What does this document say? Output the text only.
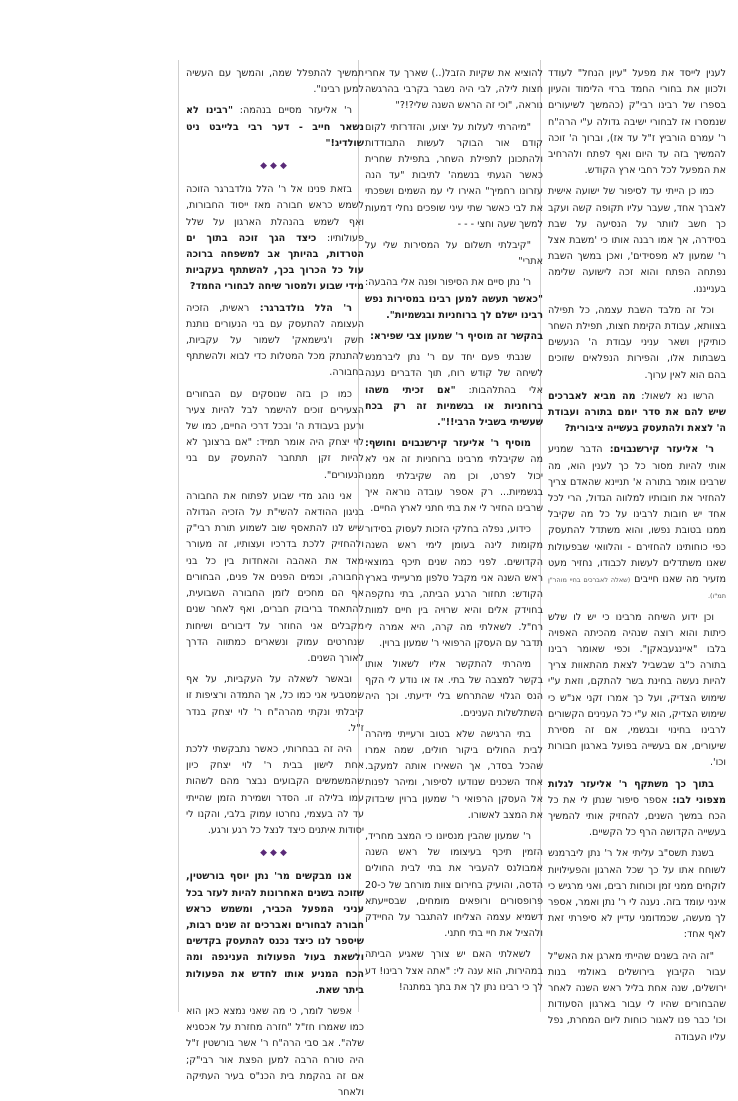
לענין לייסד את מפעל "עיון הנחל" לעודד ולכוון את בחורי החמד ברזי הלימוד והעיון בספרו של רבינו רבי"ק (כהמשך לשיעורים שנמסרו אז לבחורי ישיבה גדולה ע"י הרה"ח ר' עמרם הורביץ ז"ל עד אז), וברוך ה' זוכה להמשיך בזה עד היום ואף לפתח ולהרחיב את המפעל לכל רחבי ארץ הקודש.

כמו כן הייתי עד לסיפור של ישועה אישית לאברך אחד, שעבר עליו תקופה קשה ועקב כך חשב לוותר על הנסיעה על שבת בסידרה, אך אמו רבנה אותו כי 'משבת אצל ר' שמעון לא מפסידים', ואכן במשך השבת נפתחה הפתח והוא זכה לישועה שלימה בענייננו.

וכל זה מלבד השבת עצמה, כל תפילה בצוותא, עבודת הקימת חצות, תפילת השחר כותיקין ושאר עניני עבודת ה' הנעשים בשבתות אלו, והפירות הנפלאים שזוכים בהם הוא לאין ערוך.

הרשו נא לשאול: מה מביא לאברכים שיש להם את סדר יומם בתורה ועבודת ה' לצאת ולהתעסק בעשייה ציבורית?

ר' אליעזר קירשנבוים: הדבר שמניע אותי להיות מסור כל כך לענין הוא, מה שרבינו אומר בתורה א' תניינא שהאדם צריך להחזיר את חובותיו למלווה הגדול, הרי לכל אחד יש חובות לרבינו על כל מה שקיבל ממנו בטובת נפשו, והוא משתדל להתעסק כפי כוחותינו להחזירם - והלוואי שבפעולות שאנו משתדלים לעשות לכבודו, נחזיר מעט מזעיר מה שאנו חייבים (שאלה לאברכים בחיי מוהר"ן תמ"ו).

וכן ידוע השיחה מרבינו כי יש לו שלש כיתות והוא רוצה שנהיה מהכיתה האפויה בלבו "איינגעבאקן". וכפי שאומר רבינו בתורה כ"ב שבשביל לצאת מהתאוות צריך להיות נעשה בחינת בשר להתקם, וזאת ע"י שימוש הצדיק, ועל כך אמרו זקני אנ"ש כי שימוש הצדיק, הוא ע"י כל הענינים הקשורים לרבינו בחינוי ובגשמי, אם זה מסירת שיעורים, אם בעשייה בפועל בארגון חבורות וכו'.

בתוך כך משתקף ר' אליעזר לגלות מצפוני לבו: אספר סיפור שנתן לי את כל הכח במשך השנים, להחזיק אותי להמשיך בעשייה הקדושה הרף כל הקשיים.

בשנת תשס"ב עליתי אל ר' נתן ליברמנש לשוחח אתו על כך שכל הארגון והפעילויות לוקחים ממני זמן וכוחות רבים, ואני מרגיש כי אינני עומד בזה. נענה לי ר' נתן ואמר, אספר לך מעשה, שכמדומני עדיין לא סיפרתי זאת לאף אחד:

"זה היה בשנים שהייתי מארגן את האש"ל עבור הקיבוץ בירושלים באולמי בנות ירושלים, שנה אחת בליל ראש השנה לאחר שהבחורים שהיו לי עבור בארגון הסעודות וכו' כבר פנו לאגור כוחות ליום המחרת, נפל עליו העבודה

להוציא את שקיות הזבל(..) שארך עד אחרי חצות לילה, לבי היה נשבר בקרבי בהרגשה נוראה, "וכי זה הראש השנה שלי?!?"

"מיהרתי לעלות על יצוע, והזדרזתי לקום קודם אור הבוקר לעשות התבודדות ולהתכונן לתפילת השחר, בתפילת שחרית כאשר הגעתי בנשמה' לתיבות "עד הנה עזרונו רחמיך" האירו לי עמ השמים ושפכתי את לבי כאשר שתי עיני שופכים נחלי דמעות למשך שעה וחצי - - -

"קיבלתי תשלום על המסירות שלי על אתרי"

ר' נתן סיים את הסיפור ופנה אלי בהבעה: "כאשר תעשה למען רבינו במסירות נפש רבינו ישלם לך ברוחניות ובגשמיות".

בהקשר זה מוסיף ר' שמעון צבי שפירא:

שנבתי פעם יחד עם ר' נתן ליברמנש לשיחה של קודש רוח, תוך הדברים נענה אלי בהתלהבות: "אם זכיתי משהו ברוחניות או בגשמיות זה רק בכח שעשיתי בשביל הרבי!!".

מוסיף ר' אליעזר קירשנבוים וחושף: מה שקיבלתי מרבינו ברוחניות זה אני לא יכול לפרט, וכן מה שקיבלתי ממנו בגשמיות... רק אספר עובדה נוראה איך שרבינו החזיר לי את בתי חתני לארץ החיים.

כידוע, נפלה בחלקי הזכות לעסוק בסידור מקומות לינה בעומן לימי ראש השנה הקדושים. לפני כמה שנים תיכף במוצאי ראש השנה אני מקבל טלפון מרעייתי בארץ הקודש: תחזור הרגע הביתה, בתי נחקפה בחוידק אלים והיא שרויה בין חיים למוות רח"ל. לשאלתי מה קרה, היא אמרה לי תדבר עם העסקן הרפואי ר' שמעון ברוין.

מיהרתי להתקשר אליו לשאול אותו בקשר למצבה של בתי. אז או נודע לי הקף הנס הגלוי שהתרחש בלי ידיעתי. וכך היה השתלשלות הענינים.

בתי הרגישה שלא בטוב ורעייתי מיהרה לבית החולים ביקור חולים, שמה אמרו שהכל בסדר, אך השאירו אותה למעקב. אחד השכנים שנודעו לסיפור, ומיהר לפנות אל העסקן הרפואי ר' שמעון ברוין שיבדוק את המצב לאשורו.

ר' שמעון שהבין מנסיונו כי המצב מחריד, הזמין תיכף בעיצומו של ראש השנה אמבולנס להעביר את בתי לבית החולים הדסה, והועיק בחירום צוות מורחב של כ-20 פרופסורים ורופאים מומחים, שבסייעתא דשמיא עצמה הצליחו להתגבר על החיידק ולהציל את חיי בתי חתני.

לשאלתי האם יש צורך שאגיע הביתה במהירות, הוא ענה לי: "אתה אצל רבינו! דע לך כי רבינו נתן לך את בתך במתנה!

תמשיך להתפלל שמה, והמשך עם העשיה למען רבינו".

ר' אליעזר מסיים בנהמה: "רבינו לא נשאר חייב - דער רבי בלייבט ניט שולדיג!"

◆◆◆

בזאת פנינו אל ר' הלל גולדברגר הזוכה לשמש כראש חבורה מאז ייסוד החבורות, ואף לשמש בהנהלת הארגון על שלל פעולותיו: כיצד הגך זוכה בתוך ים הטרדות, בהיותך אב למשפחה ברוכה עול כל הכרוך בכך, להשתתף בעקביות מידי שבוע ולמסור שיחה לבחורי החמד?

ר' הלל גולדברגר: ראשית, הזכיה העצומה להתעסק עם בני הנעורים נותנת חשק ו'גישמאק' לשמור על עקביות, להתנתק מכל המטלות כדי לבוא ולהשתתף בחבורה.

כמו כן בזה שנוסקים עם הבחורים הצעירים זוכים להישמר לבל להיות צעיר ורענן בעבודת ה' ובכל דרכי החיים, כמו של לוי יצחק היה אומר תמיד: "אם ברצונך לא להיות זקן תתחבר להתעסק עם בני הנעורים".

אני נוהג מדי שבוע לפתוח את החבורה בניגון ההודאה להשי"ת על הזכיה הגדולה שיש לנו להתאסף שוב לשמוע תורת רבי"ק ולהחזיק ללכת בדרכיו ועצותיו, זה מעורר מאד את האהבה והאחדות בין כל בני החבורה, וכמים הפנים אל פנים, הבחורים אף הם מחכים לזמן החבורה השבועית, להתאחד בריבוק חברים, ואף לאחר שנים מקבלים אני החוזר על דיבורים ושיחות שנחרטים עמוק ונשארים כמתווה הדרך לאורך השנים.

ובאשר לשאלה על העקביות, על אף שמטבעי אני כמו כל, אך התמדה ורציפות זו קיבלתי ונקתי מהרה"ח ר' לוי יצחק בנדר ז"ל.

היה זה בבחרותי, כאשר נתבקשתי ללכת אחת לישון בבית ר' לוי יצחק כיון שהמשמשים הקבועים נבצר מהם לשהות עמו בלילה זו. הסדר ושמירת הזמן שהייתי עד לה בעצמי, נחרטו עמוק בלבי, והקנו לי יסודות איתנים כיצד לנצל כל רגע ורגע.

◆◆◆

אנו מבקשים מר' נתן יוסף בורשטין, שזוכה בשנים האחרונות להיות לעזר בכל עניני המפעל הכביר, ומשמש כראש חבורה לבחורים ואברכים זה שנים רבות, שיספר לנו כיצד נכנס להתעסק בקדשים ולשאת בעול הפעולות הענינפה ומה הכח המניע אותו לחדש את הפעולות ביתר שאת.

אפשר לומר, כי מה שאני נמצא כאן הוא כמו שאמרו חז"ל "חזרה מחזרת על אכסניא שלה". אב סבי הרה"ח ר' אשר בורשטין ז"ל היה טורח הרבה למען הפצת אור רבי"ק; אם זה בהקמת בית הכנ"ס בעיר העתיקה ולאחר
